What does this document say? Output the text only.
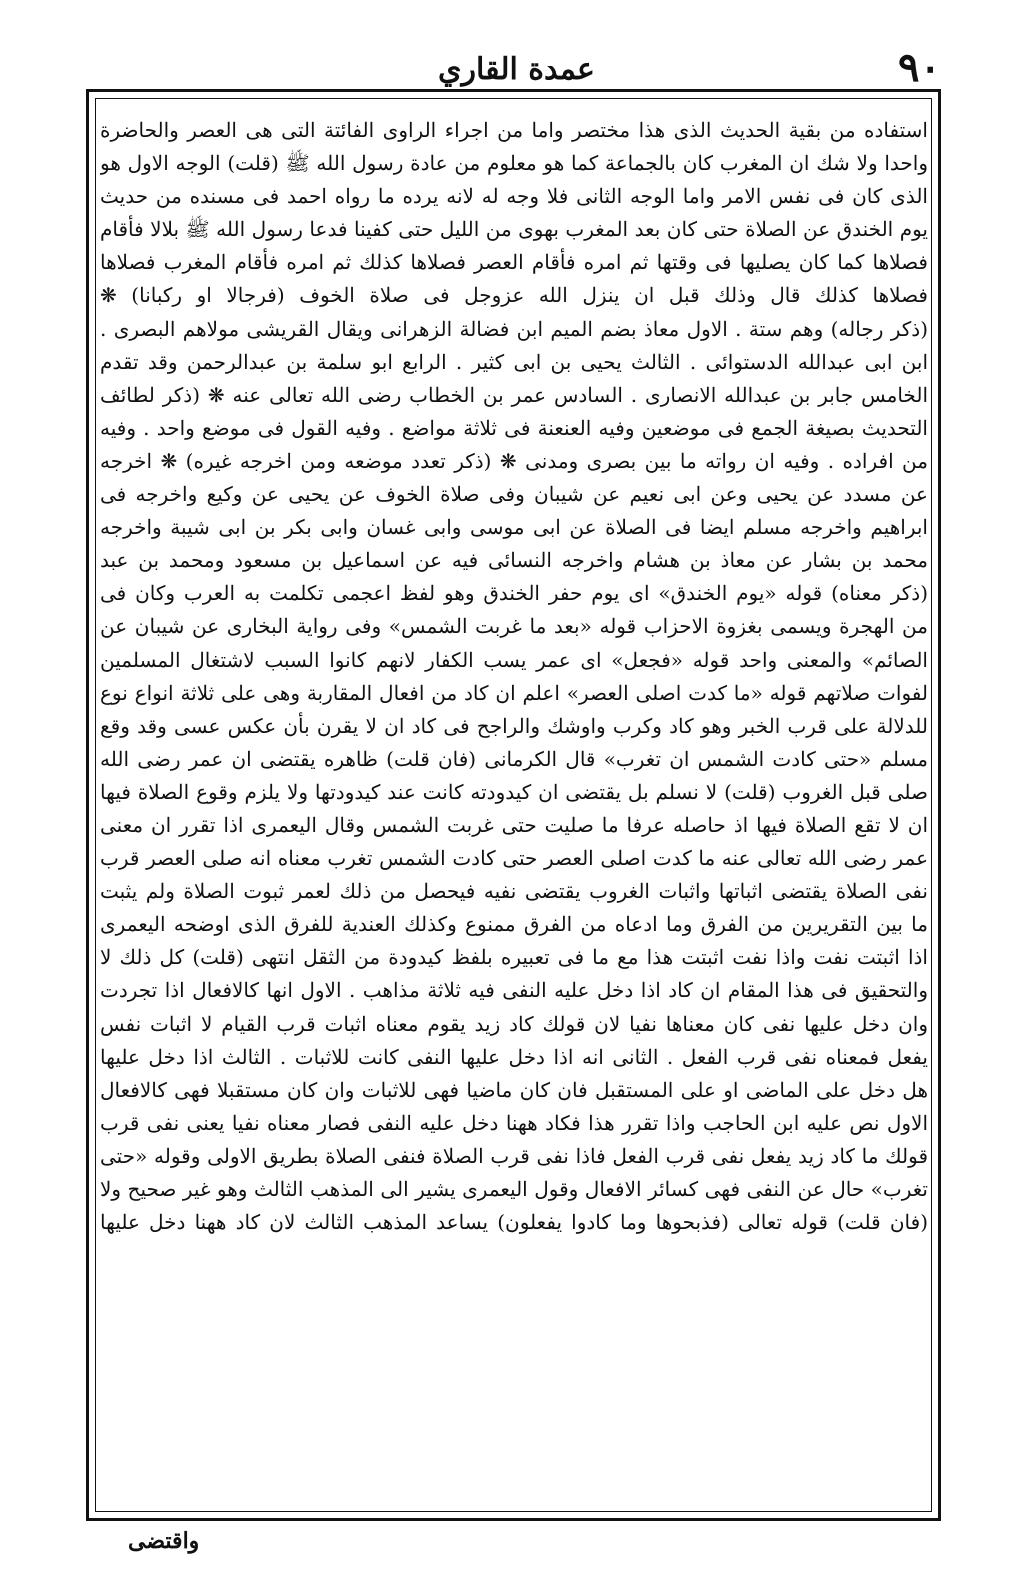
٩٠
عمدة القاري
استفاده من بقية الحديث الذى هذا مختصر واما من اجراء الراوى الفائتة التى هى العصر والحاضرة
واحدا ولا شك ان المغرب كان بالجماعة كما هو معلوم من عادة رسول الله ﷺ (قلت) الوجه الاول هو
الذى كان فى نفس الامر واما الوجه الثانى فلا وجه له لانه يرده ما رواه احمد فى مسنده من حديث
يوم الخندق عن الصلاة حتى كان بعد المغرب بهوى من الليل حتى كفينا فدعا رسول الله ﷺ بلالا فأقام
فصلاها كما كان يصليها فى وقتها ثم امره فأقام العصر فصلاها كذلك ثم امره فأقام المغرب فصلاها
فصلاها كذلك قال وذلك قبل ان ينزل الله عزوجل فى صلاة الخوف (فرجالا او ركبانا) ❋
(ذكر رجاله) وهم ستة . الاول معاذ بضم الميم ابن فضالة الزهرانى ويقال القريشى مولاهم البصرى .
ابن ابى عبدالله الدستوائى . الثالث يحيى بن ابى كثير . الرابع ابو سلمة بن عبدالرحمن وقد تقدم
الخامس جابر بن عبدالله الانصارى . السادس عمر بن الخطاب رضى الله تعالى عنه ❋ (ذكر لطائف
التحديث بصيغة الجمع فى موضعين وفيه العنعنة فى ثلاثة مواضع . وفيه القول فى موضع واحد . وفيه
من افراده . وفيه ان رواته ما بين بصرى ومدنى ❋ (ذكر تعدد موضعه ومن اخرجه غيره) ❋ اخرجه
عن مسدد عن يحيى وعن ابى نعيم عن شيبان وفى صلاة الخوف عن يحيى عن وكيع واخرجه فى
ابراهيم واخرجه مسلم ايضا فى الصلاة عن ابى موسى وابى غسان وابى بكر بن ابى شيبة واخرجه
محمد بن بشار عن معاذ بن هشام واخرجه النسائى فيه عن اسماعيل بن مسعود ومحمد بن عبد
(ذكر معناه) قوله «يوم الخندق» اى يوم حفر الخندق وهو لفظ اعجمى تكلمت به العرب وكان فى
من الهجرة ويسمى بغزوة الاحزاب قوله «بعد ما غربت الشمس» وفى رواية البخارى عن شيبان عن
الصائم» والمعنى واحد قوله «فجعل» اى عمر يسب الكفار لانهم كانوا السبب لاشتغال المسلمين
لفوات صلاتهم قوله «ما كدت اصلى العصر» اعلم ان كاد من افعال المقاربة وهى على ثلاثة انواع نوع
للدلالة على قرب الخبر وهو كاد وكرب واوشك والراجح فى كاد ان لا يقرن بأن عكس عسى وقد وقع
مسلم «حتى كادت الشمس ان تغرب» قال الكرمانى (فان قلت) ظاهره يقتضى ان عمر رضى الله
صلى قبل الغروب (قلت) لا نسلم بل يقتضى ان كيدودته كانت عند كيدودتها ولا يلزم وقوع الصلاة فيها
ان لا تقع الصلاة فيها اذ حاصله عرفا ما صليت حتى غربت الشمس وقال اليعمرى اذا تقرر ان معنى
عمر رضى الله تعالى عنه ما كدت اصلى العصر حتى كادت الشمس تغرب معناه انه صلى العصر قرب
نفى الصلاة يقتضى اثباتها واثبات الغروب يقتضى نفيه فيحصل من ذلك لعمر ثبوت الصلاة ولم يثبت
ما بين التقريرين من الفرق وما ادعاه من الفرق ممنوع وكذلك العندية للفرق الذى اوضحه اليعمرى
اذا اثبتت نفت واذا نفت اثبتت هذا مع ما فى تعبيره بلفظ كيدودة من الثقل انتهى (قلت) كل ذلك لا
والتحقيق فى هذا المقام ان كاد اذا دخل عليه النفى فيه ثلاثة مذاهب . الاول انها كالافعال اذا تجردت
وان دخل عليها نفى كان معناها نفيا لان قولك كاد زيد يقوم معناه اثبات قرب القيام لا اثبات نفس
يفعل فمعناه نفى قرب الفعل . الثانى انه اذا دخل عليها النفى كانت للاثبات . الثالث اذا دخل عليها
هل دخل على الماضى او على المستقبل فان كان ماضيا فهى للاثبات وان كان مستقبلا فهى كالافعال
الاول نص عليه ابن الحاجب واذا تقرر هذا فكاد ههنا دخل عليه النفى فصار معناه نفيا يعنى نفى قرب
قولك ما كاد زيد يفعل نفى قرب الفعل فاذا نفى قرب الصلاة فنفى الصلاة بطريق الاولى وقوله «حتى
تغرب» حال عن النفى فهى كسائر الافعال وقول اليعمرى يشير الى المذهب الثالث وهو غير صحيح ولا
(فان قلت) قوله تعالى (فذبحوها وما كادوا يفعلون) يساعد المذهب الثالث لان كاد ههنا دخل عليها
واقتضى
